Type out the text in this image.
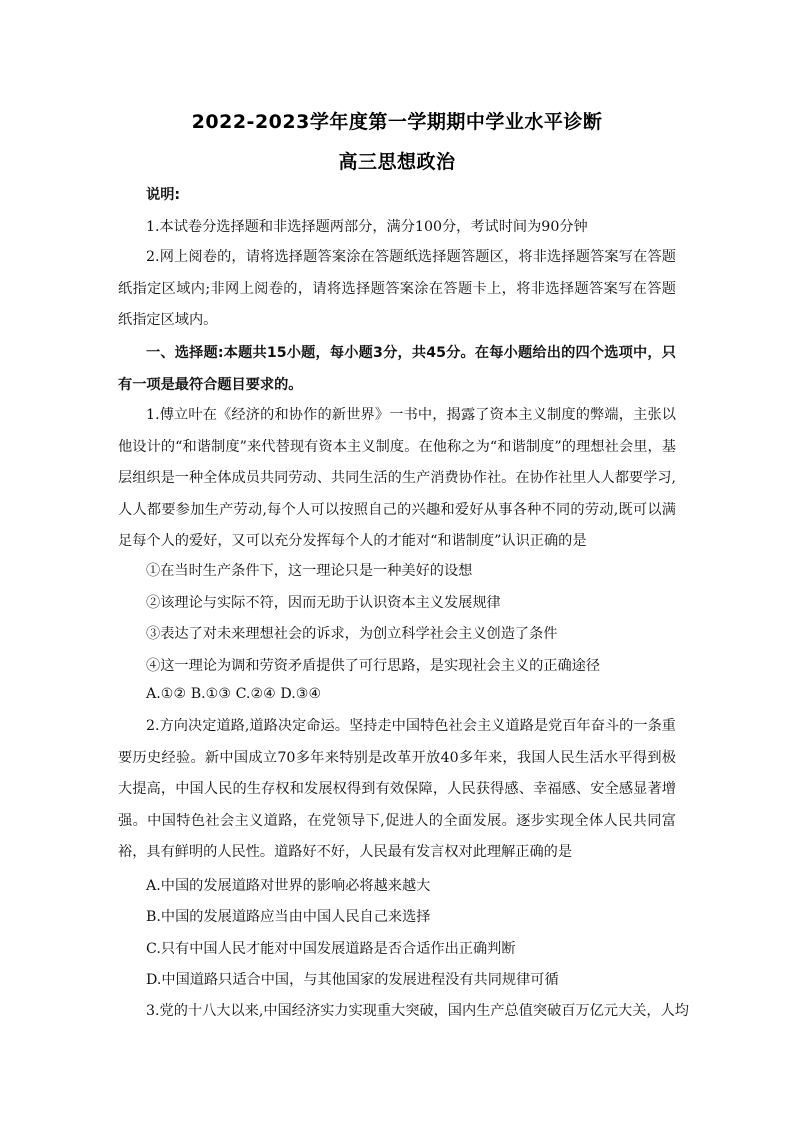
2022-2023学年度第一学期期中学业水平诊断
高三思想政治
说明:
1.本试卷分选择题和非选择题两部分，满分100分，考试时间为90分钟
2.网上阅卷的，请将选择题答案涂在答题纸选择题答题区，将非选择题答案写在答题纸指定区域内;非网上阅卷的，请将选择题答案涂在答题卡上，将非选择题答案写在答题纸指定区域内。
一、选择题:本题共15小题，每小题3分，共45分。在每小题给出的四个选项中，只有一项是最符合题目要求的。
1.傅立叶在《经济的和协作的新世界》一书中，揭露了资本主义制度的弊端，主张以他设计的“和谐制度”来代替现有资本主义制度。在他称之为“和谐制度”的理想社会里，基层组织是一种全体成员共同劳动、共同生活的生产消费协作社。在协作社里人人都要学习,人人都要参加生产劳动,每个人可以按照自己的兴趣和爱好从事各种不同的劳动,既可以满足每个人的爱好，又可以充分发挥每个人的才能对“和谐制度”认识正确的是
①在当时生产条件下，这一理论只是一种美好的设想
②该理论与实际不符，因而无助于认识资本主义发展规律
③表达了对未来理想社会的诉求，为创立科学社会主义创造了条件
④这一理论为调和劳资矛盾提供了可行思路，是实现社会主义的正确途径
A.①② B.①③ C.②④ D.③④
2.方向决定道路,道路决定命运。坚持走中国特色社会主义道路是党百年奋斗的一条重要历史经验。新中国成立70多年来特别是改革开放40多年来，我国人民生活水平得到极大提高，中国人民的生存权和发展权得到有效保障，人民获得感、幸福感、安全感显著增强。中国特色社会主义道路，在党领导下,促进人的全面发展。逐步实现全体人民共同富裕，具有鲜明的人民性。道路好不好，人民最有发言权对此理解正确的是
A.中国的发展道路对世界的影响必将越来越大
B.中国的发展道路应当由中国人民自己来选择
C.只有中国人民才能对中国发展道路是否合适作出正确判断
D.中国道路只适合中国，与其他国家的发展进程没有共同规律可循
3.党的十八大以来,中国经济实力实现重大突破，国内生产总值突破百万亿元大关，人均
